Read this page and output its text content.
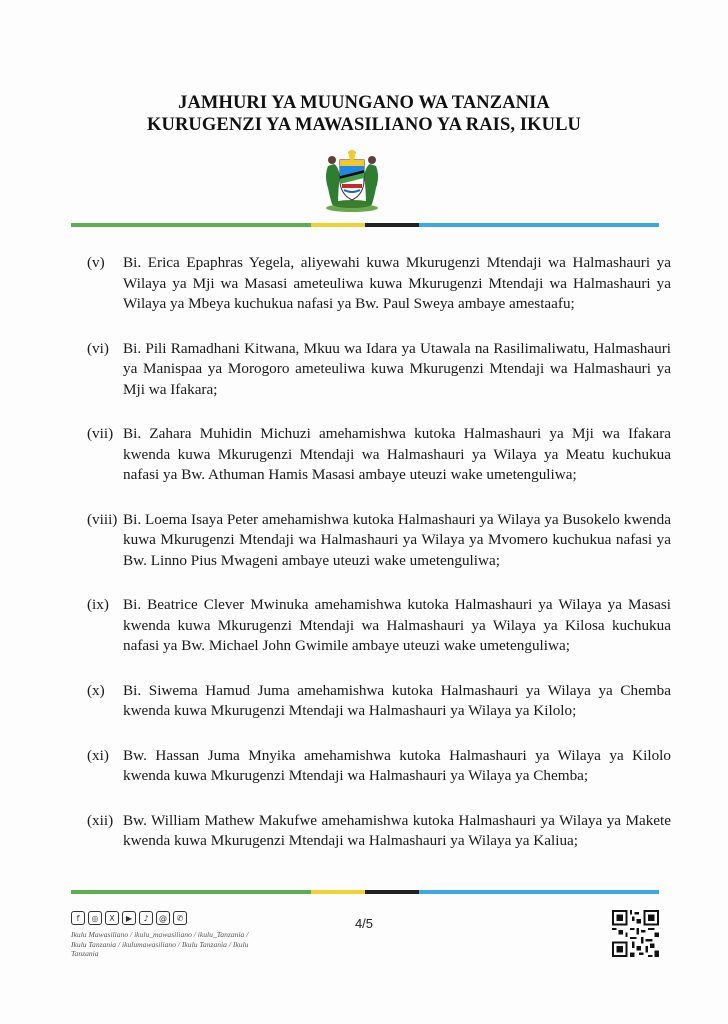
JAMHURI YA MUUNGANO WA TANZANIA
KURUGENZI YA MAWASILIANO YA RAIS, IKULU
(v)	Bi. Erica Epaphras Yegela, aliyewahi kuwa Mkurugenzi Mtendaji wa Halmashauri ya Wilaya ya Mji wa Masasi ameteuliwa kuwa Mkurugenzi Mtendaji wa Halmashauri ya Wilaya ya Mbeya kuchukua nafasi ya Bw. Paul Sweya ambaye amestaafu;
(vi) Bi. Pili Ramadhani Kitwana, Mkuu wa Idara ya Utawala na Rasilimaliwatu, Halmashauri ya Manispaa ya Morogoro ameteuliwa kuwa Mkurugenzi Mtendaji wa Halmashauri ya Mji wa Ifakara;
(vii) Bi. Zahara Muhidin Michuzi amehamishwa kutoka Halmashauri ya Mji wa Ifakara kwenda kuwa Mkurugenzi Mtendaji wa Halmashauri ya Wilaya ya Meatu kuchukua nafasi ya Bw. Athuman Hamis Masasi ambaye uteuzi wake umetenguliwa;
(viii) Bi. Loema Isaya Peter amehamishwa kutoka Halmashauri ya Wilaya ya Busokelo kwenda kuwa Mkurugenzi Mtendaji wa Halmashauri ya Wilaya ya Mvomero kuchukua nafasi ya Bw. Linno Pius Mwageni ambaye uteuzi wake umetenguliwa;
(ix) Bi. Beatrice Clever Mwinuka amehamishwa kutoka Halmashauri ya Wilaya ya Masasi kwenda kuwa Mkurugenzi Mtendaji wa Halmashauri ya Wilaya ya Kilosa kuchukua nafasi ya Bw. Michael John Gwimile ambaye uteuzi wake umetenguliwa;
(x)	Bi. Siwema Hamud Juma amehamishwa kutoka Halmashauri ya Wilaya ya Chemba kwenda kuwa Mkurugenzi Mtendaji wa Halmashauri ya Wilaya ya Kilolo;
(xi) Bw. Hassan Juma Mnyika amehamishwa kutoka Halmashauri ya Wilaya ya Kilolo kwenda kuwa Mkurugenzi Mtendaji wa Halmashauri ya Wilaya ya Chemba;
(xii) Bw. William Mathew Makufwe amehamishwa kutoka Halmashauri ya Wilaya ya Makete kwenda kuwa Mkurugenzi Mtendaji wa Halmashauri ya Wilaya ya Kaliua;
f	◎	X	▶	♪	@	✆
Ikulu Mawasiliano / ikulu_mawasiliano / ikulu_Tanzania / Ikulu Tanzania / ikulumawasiliano / Ikulu Tanzania / Ikulu Tanzania
4/5
